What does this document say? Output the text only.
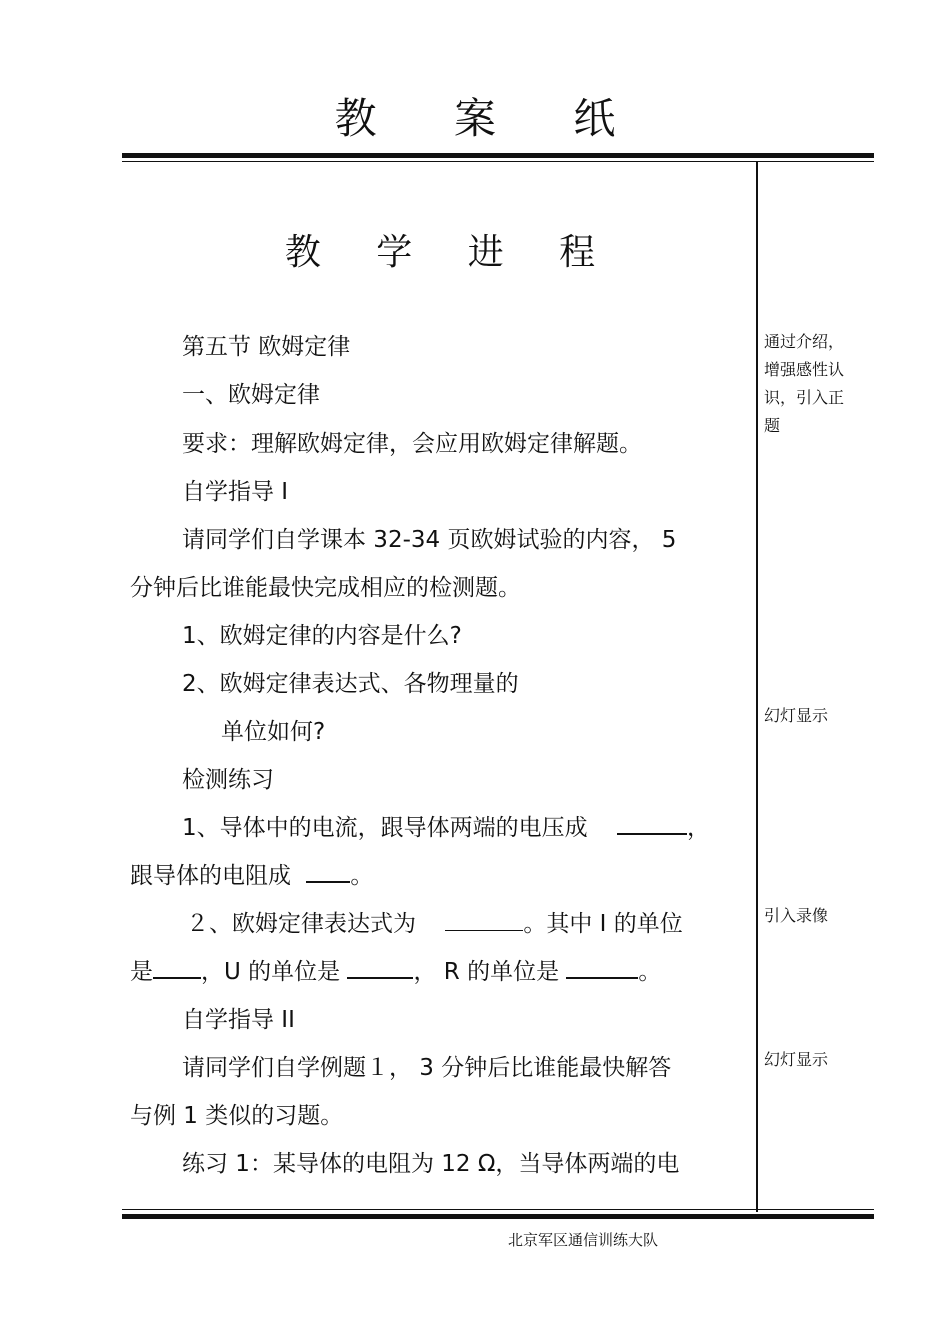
教 案 纸
教 学 进 程
第五节 欧姆定律
一、欧姆定律
要求：理解欧姆定律，会应用欧姆定律解题。
自学指导 I
请同学们自学课本 32-34 页欧姆试验的内容， 5
分钟后比谁能最快完成相应的检测题。
1、欧姆定律的内容是什么?
2、欧姆定律表达式、各物理量的
单位如何?
检测练习
1、导体中的电流，跟导体两端的电压成	，
跟导体的电阻成	。
２、欧姆定律表达式为	。其中 I 的单位
是 ，U 的单位是	， R 的单位是	。
自学指导 II
请同学们自学例题１， 3 分钟后比谁能最快解答
与例 1 类似的习题。
练习 1：某导体的电阻为 12 Ω，当导体两端的电
通过介绍，增强感性认识，引入正题
幻灯显示
引入录像
幻灯显示
北京军区通信训练大队
